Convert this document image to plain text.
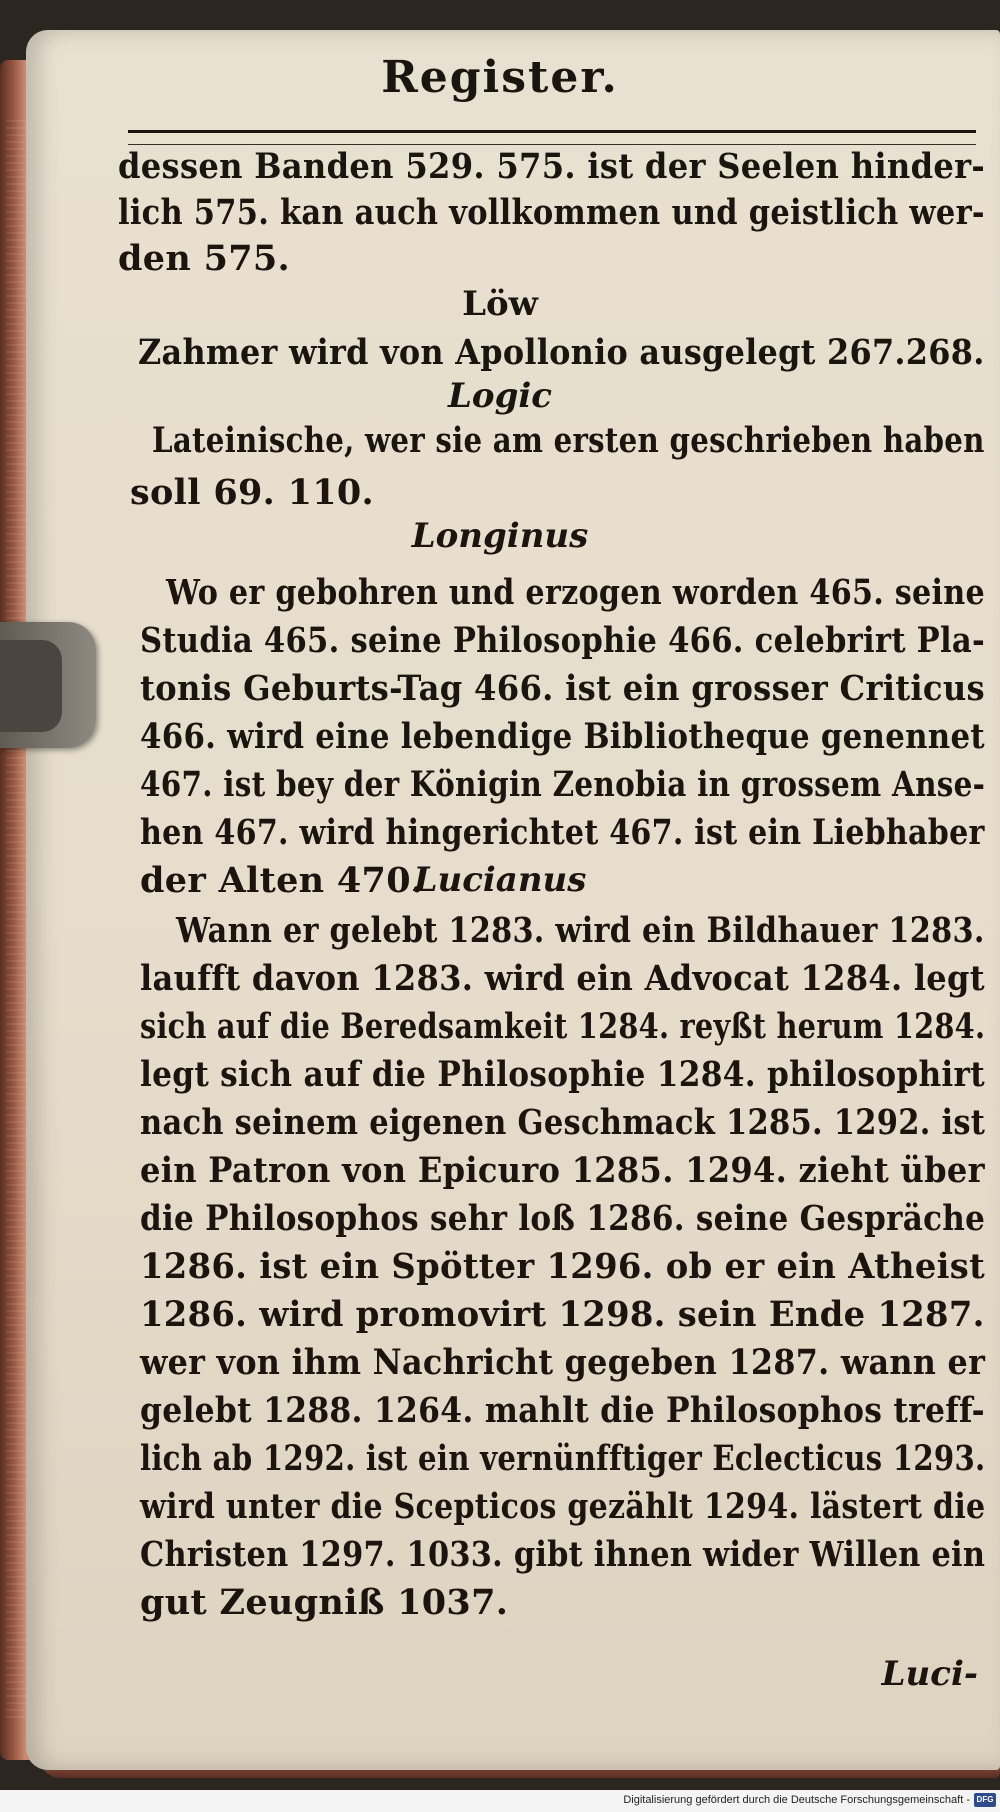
Register.

dessen Banden 529. 575. ist der Seelen hinder-

lich 575. kan auch vollkommen und geistlich wer-

den 575.

Löw

Zahmer wird von Apollonio ausgelegt 267.268.

Logic

Lateinische, wer sie am ersten geschrieben haben

soll 69. 110.

Longinus

Wo er gebohren und erzogen worden 465. seine

Studia 465. seine Philosophie 466. celebrirt Pla-

tonis Geburts-Tag 466. ist ein grosser Criticus

466. wird eine lebendige Bibliotheque genennet

467. ist bey der Königin Zenobia in grossem Anse-

hen 467. wird hingerichtet 467. ist ein Liebhaber

der Alten 470.

Lucianus

Wann er gelebt 1283. wird ein Bildhauer 1283.

laufft davon 1283. wird ein Advocat 1284. legt

sich auf die Beredsamkeit 1284. reyßt herum 1284.

legt sich auf die Philosophie 1284. philosophirt

nach seinem eigenen Geschmack 1285. 1292. ist

ein Patron von Epicuro 1285. 1294. zieht über

die Philosophos sehr loß 1286. seine Gespräche

1286. ist ein Spötter 1296. ob er ein Atheist

1286. wird promovirt 1298. sein Ende 1287.

wer von ihm Nachricht gegeben 1287. wann er

gelebt 1288. 1264. mahlt die Philosophos treff-

lich ab 1292. ist ein vernünfftiger Eclecticus 1293.

wird unter die Scepticos gezählt 1294. lästert die

Christen 1297. 1033. gibt ihnen wider Willen ein

gut Zeugniß 1037.

Luci-

Digitalisierung gefördert durch die Deutsche Forschungsgemeinschaft - DFG
